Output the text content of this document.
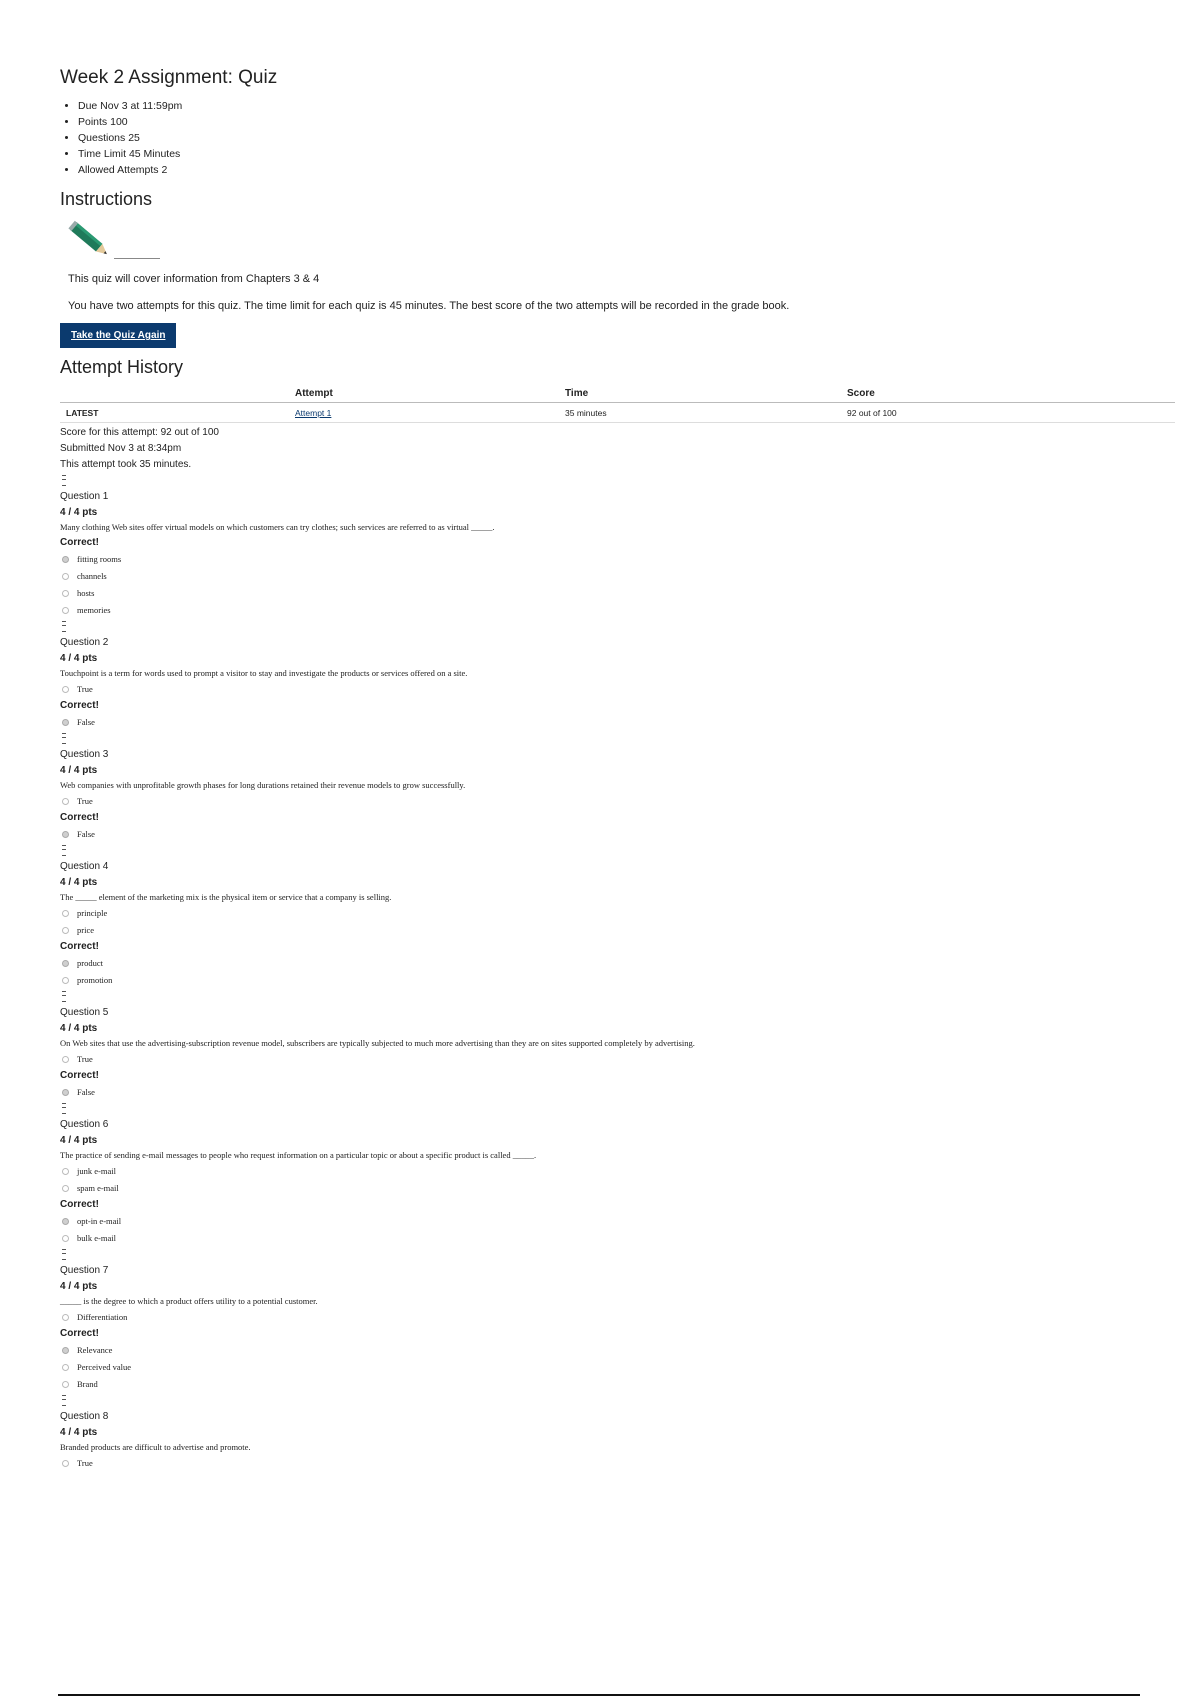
Week 2 Assignment: Quiz
• Due Nov 3 at 11:59pm
• Points 100
• Questions 25
• Time Limit 45 Minutes
• Allowed Attempts 2
Instructions

This quiz will cover information from Chapters 3 & 4

You have two attempts for this quiz. The time limit for each quiz is 45 minutes. The best score of the two attempts will be recorded in the grade book.

Take the Quiz Again
Attempt History
	Attempt	Time	Score
LATEST	Attempt 1	35 minutes	92 out of 100
Score for this attempt: 92 out of 100
Submitted Nov 3 at 8:34pm
This attempt took 35 minutes.
Question 1
4 / 4 pts
Many clothing Web sites offer virtual models on which customers can try clothes; such services are referred to as virtual _____.
Correct!
fitting rooms
channels
hosts
memories
Question 2
4 / 4 pts
Touchpoint is a term for words used to prompt a visitor to stay and investigate the products or services offered on a site.
True
Correct!
False
Question 3
4 / 4 pts
Web companies with unprofitable growth phases for long durations retained their revenue models to grow successfully.
True
Correct!
False
Question 4
4 / 4 pts
The _____ element of the marketing mix is the physical item or service that a company is selling.
principle
price
Correct!
product
promotion
Question 5
4 / 4 pts
On Web sites that use the advertising-subscription revenue model, subscribers are typically subjected to much more advertising than they are on sites supported completely by advertising.
True
Correct!
False
Question 6
4 / 4 pts
The practice of sending e-mail messages to people who request information on a particular topic or about a specific product is called _____.
junk e-mail
spam e-mail
Correct!
opt-in e-mail
bulk e-mail
Question 7
4 / 4 pts
_____ is the degree to which a product offers utility to a potential customer.
Differentiation
Correct!
Relevance
Perceived value
Brand
Question 8
4 / 4 pts
Branded products are difficult to advertise and promote.
True
